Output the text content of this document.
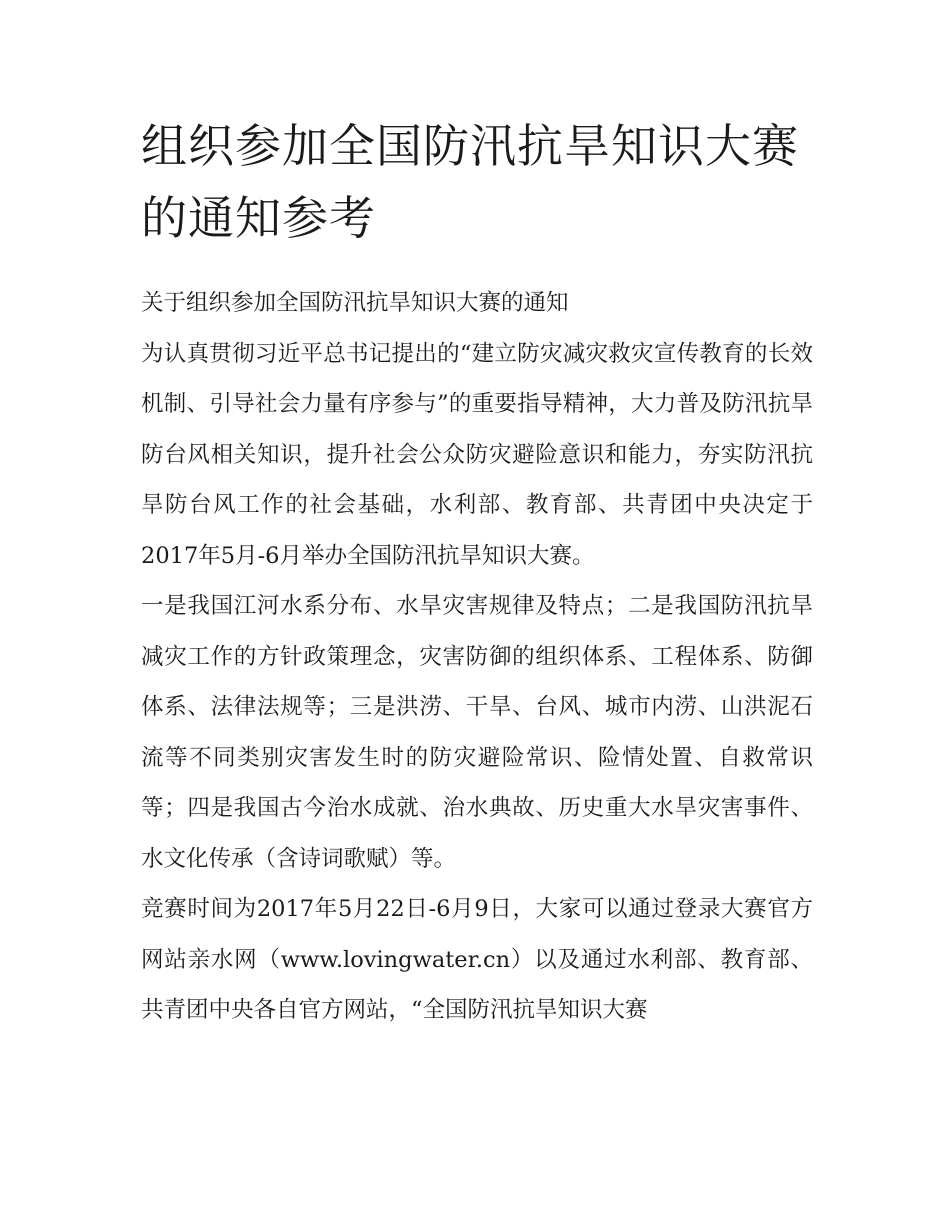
组织参加全国防汛抗旱知识大赛的通知参考

关于组织参加全国防汛抗旱知识大赛的通知

为认真贯彻习近平总书记提出的“建立防灾减灾救灾宣传教育的长效机制、引导社会力量有序参与”的重要指导精神，大力普及防汛抗旱防台风相关知识，提升社会公众防灾避险意识和能力，夯实防汛抗旱防台风工作的社会基础，水利部、教育部、共青团中央决定于2017年5月-6月举办全国防汛抗旱知识大赛。

一是我国江河水系分布、水旱灾害规律及特点；二是我国防汛抗旱减灾工作的方针政策理念，灾害防御的组织体系、工程体系、防御体系、法律法规等；三是洪涝、干旱、台风、城市内涝、山洪泥石流等不同类别灾害发生时的防灾避险常识、险情处置、自救常识等；四是我国古今治水成就、治水典故、历史重大水旱灾害事件、水文化传承（含诗词歌赋）等。

竞赛时间为2017年5月22日-6月9日，大家可以通过登录大赛官方网站亲水网（www.lovingwater.cn）以及通过水利部、教育部、共青团中央各自官方网站，“全国防汛抗旱知识大赛
